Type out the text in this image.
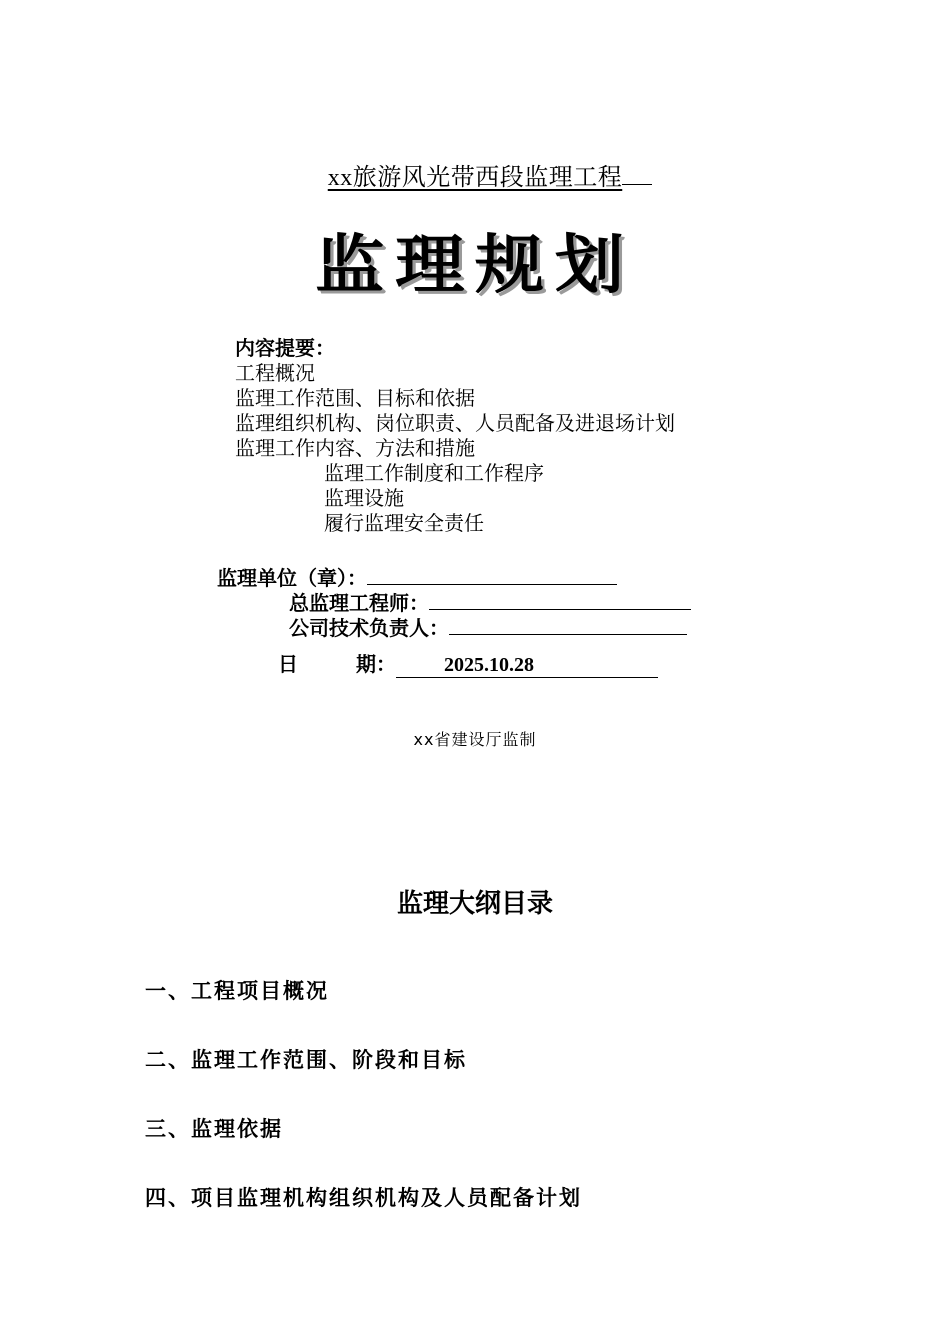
xx旅游风光带西段监理工程
监理规划
内容提要：
工程概况
监理工作范围、目标和依据
监理组织机构、岗位职责、人员配备及进退场计划
监理工作内容、方法和措施
监理工作制度和工作程序
监理设施
履行监理安全责任
监理单位（章）：
总监理工程师：
公司技术负责人：
日	期： 2025.10.28
xx省建设厅监制
监理大纲目录
一、工程项目概况
二、监理工作范围、阶段和目标
三、监理依据
四、项目监理机构组织机构及人员配备计划
